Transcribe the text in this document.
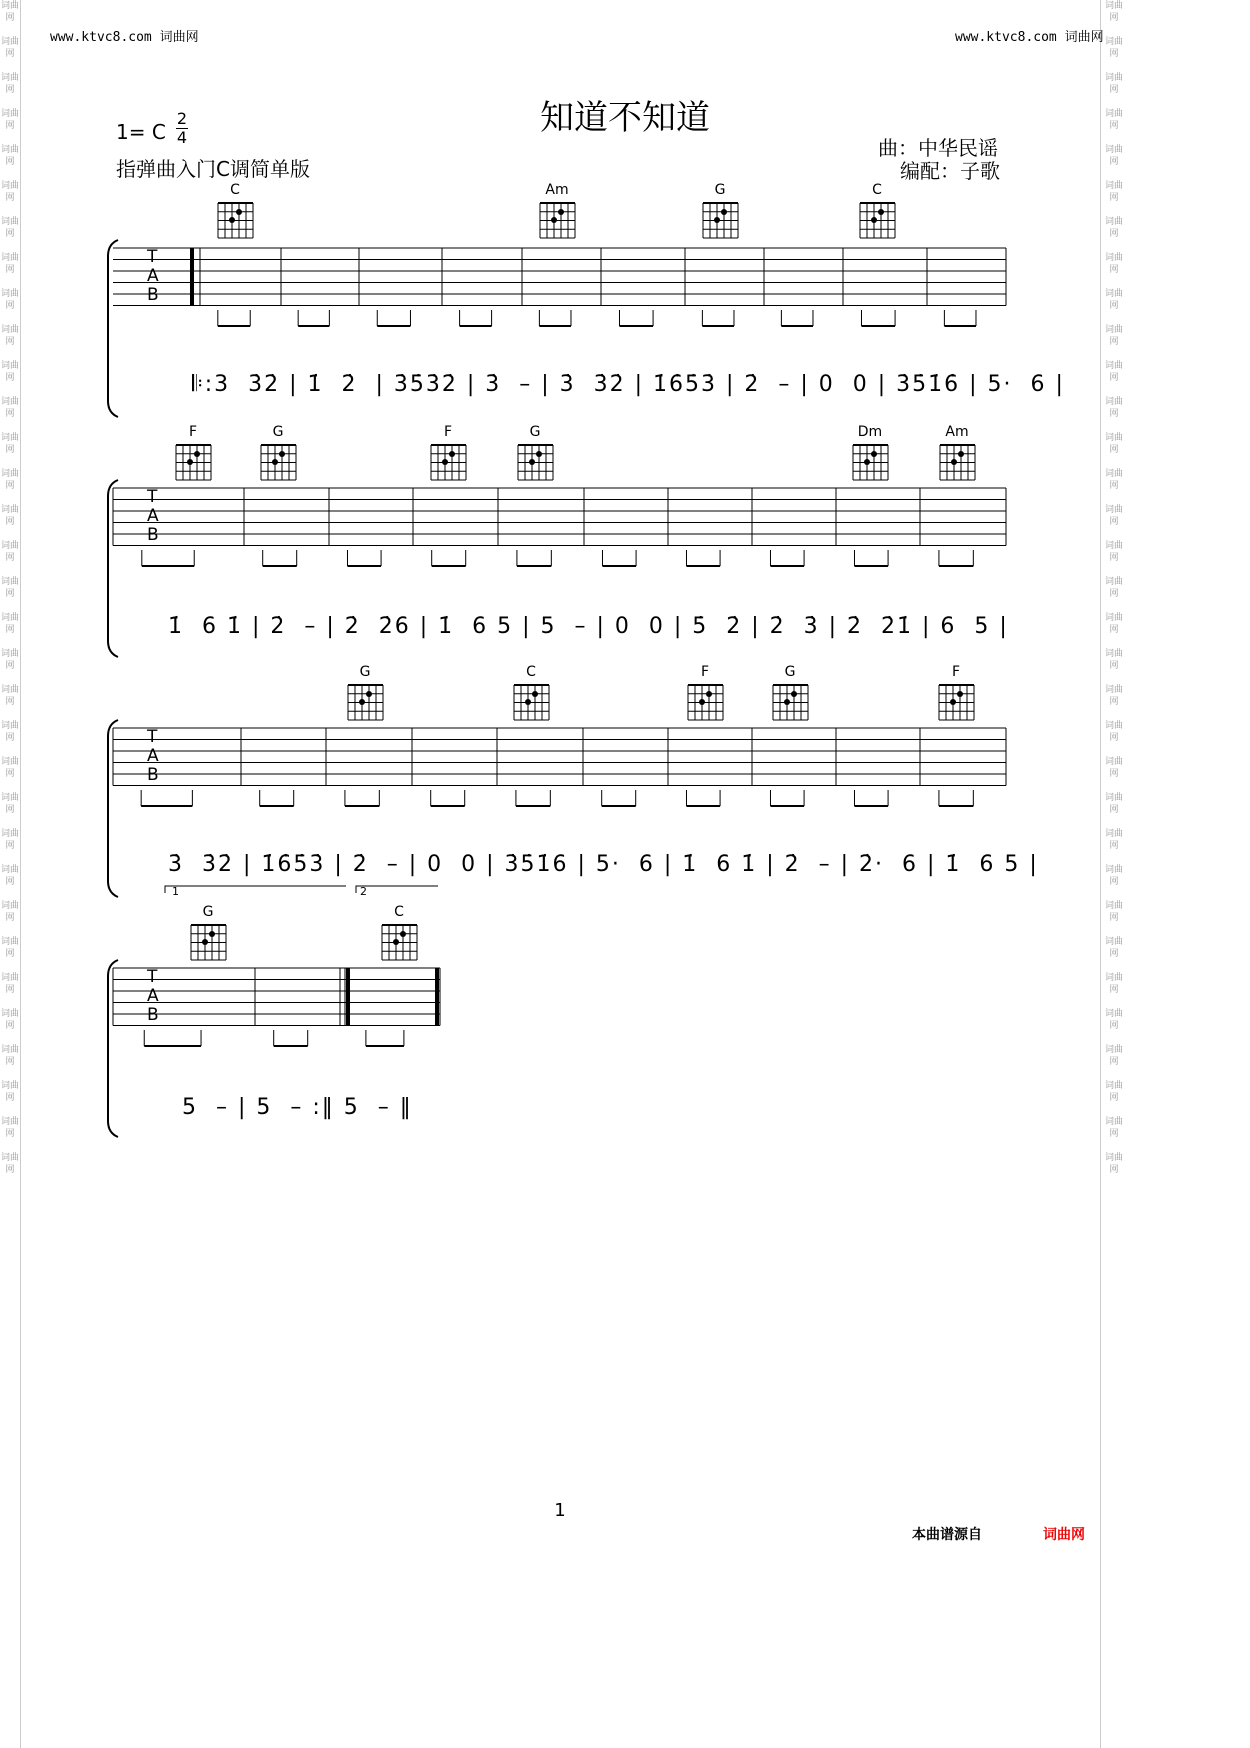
www.ktvc8.com 词曲网	www.ktvc8.com 词曲网
知道不知道
1= C
2
4
指弹曲入门C调简单版
曲：中华民谣
编配：子歌
T
A
B
T
A
B
T
A
B
T
A
B
𝄆:3  3̇2̇ | 1̇  2̇  | 3̇5̇3̇2̇ | 3̇  – | 3̇  3̇2̇ | 1̇6̇5̇3̇ | 2̇  – | 0  0 | 3̇5̇1̇6̇ | 5·  6 |
1̇  6 1̇ | 2̇  – | 2̇  2̇6 | 1̇  6 5 | 5  – | 0  0 | 5̇  2̇ | 2̇  3̇ | 2̇  2̇1̇ | 6  5 |
3̇  3̇2̇ | 1̇6̇5̇3̇ | 2̇  – | 0  0 | 3̇5̇1̇6 | 5·  6 | 1̇  6 1̇ | 2̇  – | 2̇·  6 | 1̇  6 5 |
5  – | 5  – :‖ 5  – ‖
1	2
C	Am	G	C
F	G	F	G	Dm	Am
G	C	F	G	F
G	C
1
本曲谱源自	词曲网
词曲网

词曲网

词曲网

词曲网

词曲网

词曲网

词曲网

词曲网

词曲网

词曲网

词曲网

词曲网

词曲网

词曲网

词曲网

词曲网

词曲网

词曲网

词曲网

词曲网

词曲网

词曲网

词曲网

词曲网

词曲网

词曲网

词曲网

词曲网

词曲网

词曲网

词曲网

词曲网

词曲网

词曲网

词曲网

词曲网

词曲网

词曲网

词曲网

词曲网

词曲网

词曲网

词曲网

词曲网

词曲网

词曲网

词曲网

词曲网

词曲网

词曲网

词曲网

词曲网

词曲网

词曲网

词曲网

词曲网

词曲网

词曲网

词曲网

词曲网

词曲网

词曲网

词曲网

词曲网

词曲网

词曲网
